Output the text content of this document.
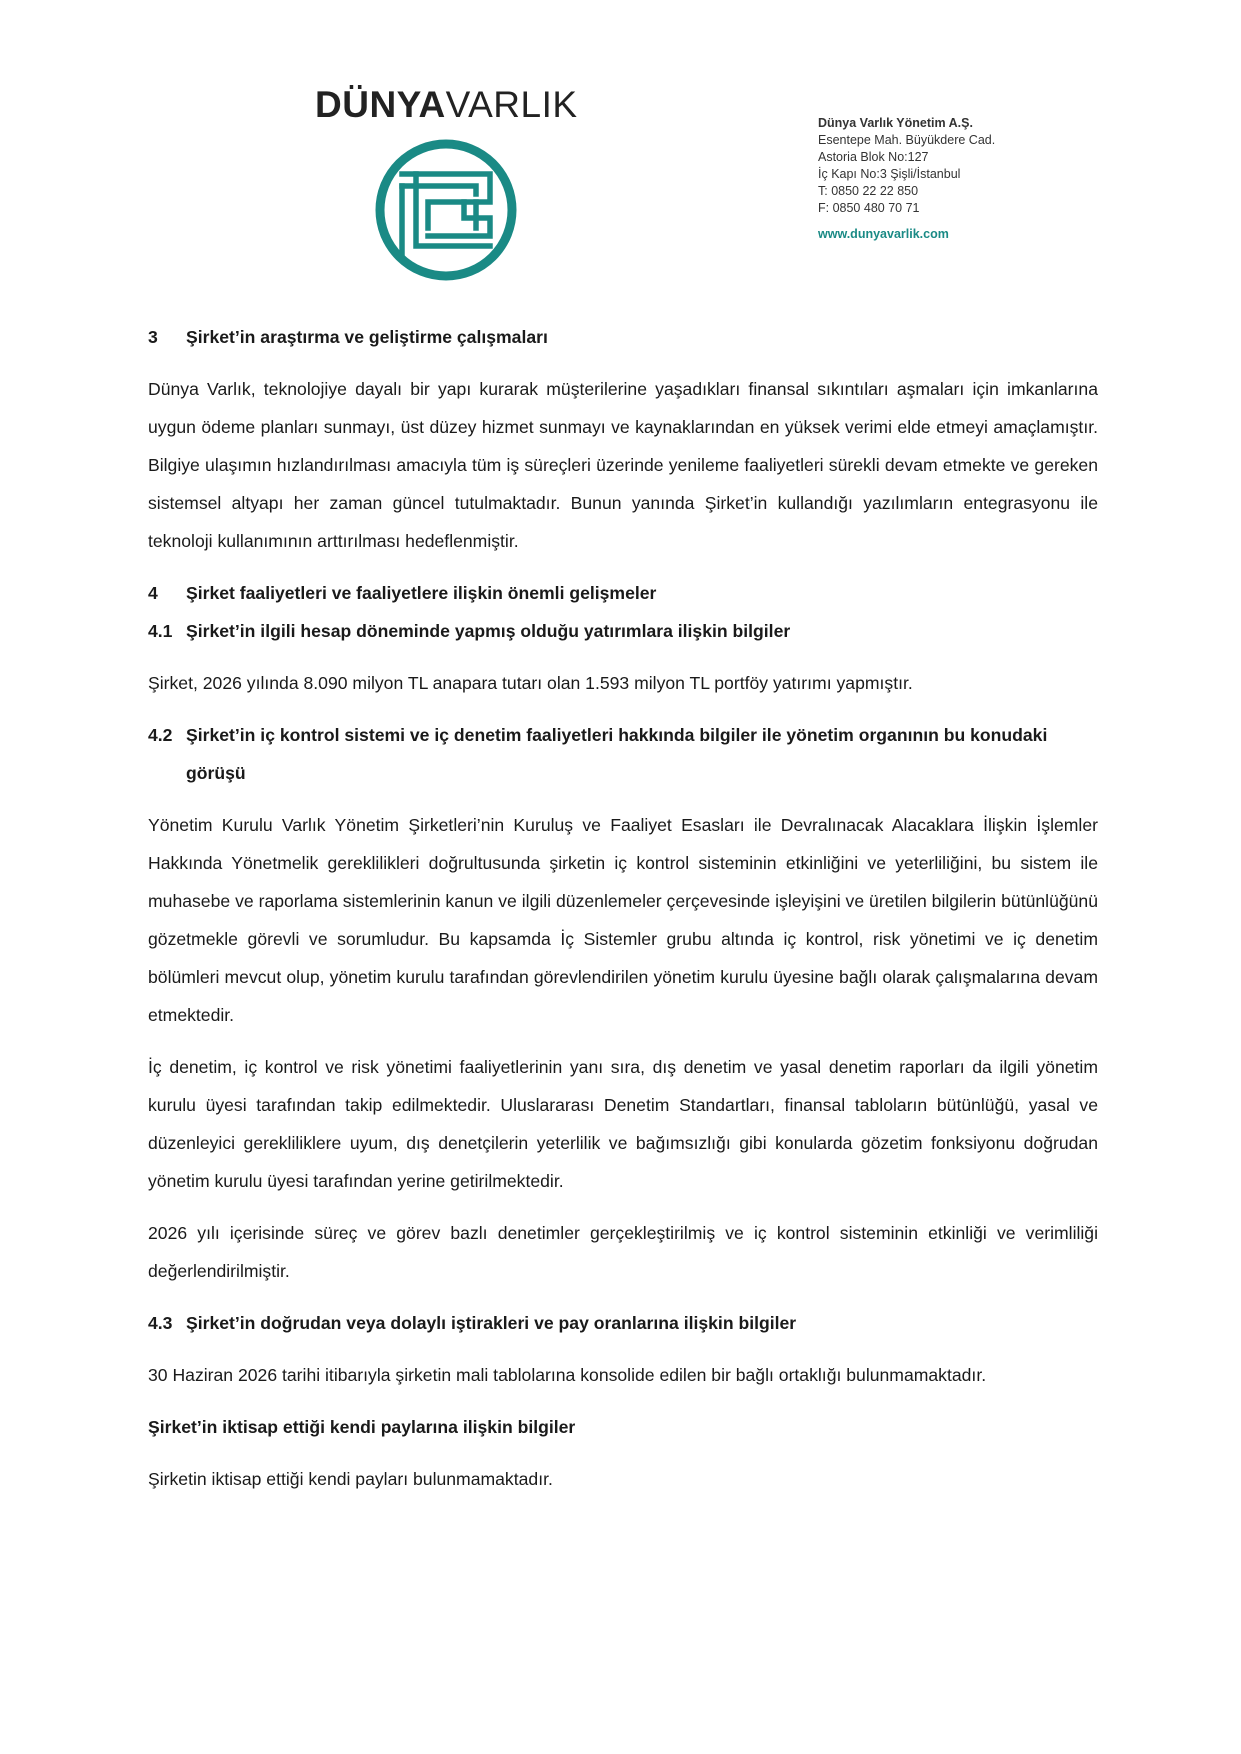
DÜNYAVARLIK	Dünya Varlık Yönetim A.Ş.
Esentepe Mah. Büyükdere Cad.
Astoria Blok No:127
İç Kapı No:3 Şişli/İstanbul
T: 0850 22 22 850
F: 0850 480 70 71
www.dunyavarlik.com
3	Şirket’in araştırma ve geliştirme çalışmaları

Dünya Varlık, teknolojiye dayalı bir yapı kurarak müşterilerine yaşadıkları finansal sıkıntıları aşmaları için imkanlarına uygun ödeme planları sunmayı, üst düzey hizmet sunmayı ve kaynaklarından en yüksek verimi elde etmeyi amaçlamıştır. Bilgiye ulaşımın hızlandırılması amacıyla tüm iş süreçleri üzerinde yenileme faaliyetleri sürekli devam etmekte ve gereken sistemsel altyapı her zaman güncel tutulmaktadır. Bunun yanında Şirket’in kullandığı yazılımların entegrasyonu ile teknoloji kullanımının arttırılması hedeflenmiştir.

4	Şirket faaliyetleri ve faaliyetlere ilişkin önemli gelişmeler
4.1 Şirket’in ilgili hesap döneminde yapmış olduğu yatırımlara ilişkin bilgiler

Şirket, 2026 yılında 8.090 milyon TL anapara tutarı olan 1.593 milyon TL portföy yatırımı yapmıştır.

4.2 Şirket’in iç kontrol sistemi ve iç denetim faaliyetleri hakkında bilgiler ile yönetim organının bu konudaki görüşü

Yönetim Kurulu Varlık Yönetim Şirketleri’nin Kuruluş ve Faaliyet Esasları ile Devralınacak Alacaklara İlişkin İşlemler Hakkında Yönetmelik gereklilikleri doğrultusunda şirketin iç kontrol sisteminin etkinliğini ve yeterliliğini, bu sistem ile muhasebe ve raporlama sistemlerinin kanun ve ilgili düzenlemeler çerçevesinde işleyişini ve üretilen bilgilerin bütünlüğünü gözetmekle görevli ve sorumludur. Bu kapsamda İç Sistemler grubu altında iç kontrol, risk yönetimi ve iç denetim bölümleri mevcut olup, yönetim kurulu tarafından görevlendirilen yönetim kurulu üyesine bağlı olarak çalışmalarına devam etmektedir.

İç denetim, iç kontrol ve risk yönetimi faaliyetlerinin yanı sıra, dış denetim ve yasal denetim raporları da ilgili yönetim kurulu üyesi tarafından takip edilmektedir. Uluslararası Denetim Standartları, finansal tabloların bütünlüğü, yasal ve düzenleyici gerekliliklere uyum, dış denetçilerin yeterlilik ve bağımsızlığı gibi konularda gözetim fonksiyonu doğrudan yönetim kurulu üyesi tarafından yerine getirilmektedir.

2026 yılı içerisinde süreç ve görev bazlı denetimler gerçekleştirilmiş ve iç kontrol sisteminin etkinliği ve verimliliği değerlendirilmiştir.

4.3 Şirket’in doğrudan veya dolaylı iştirakleri ve pay oranlarına ilişkin bilgiler

30 Haziran 2026 tarihi itibarıyla şirketin mali tablolarına konsolide edilen bir bağlı ortaklığı bulunmamaktadır.

Şirket’in iktisap ettiği kendi paylarına ilişkin bilgiler

Şirketin iktisap ettiği kendi payları bulunmamaktadır.
